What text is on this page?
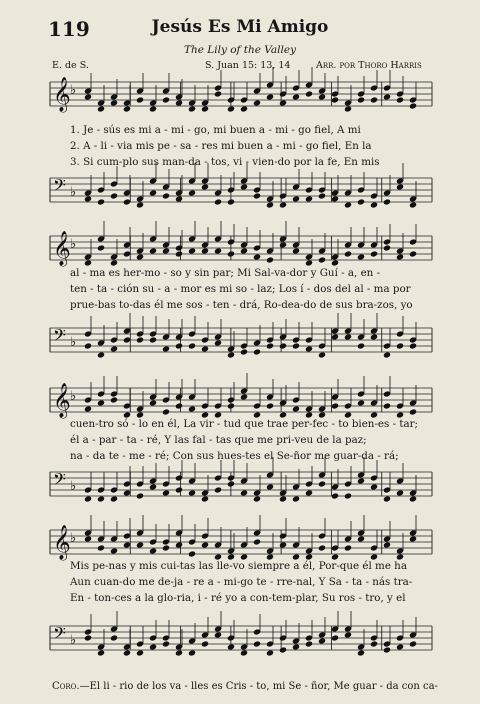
119	Jesús Es Mi Amigo
The Lily of the Valley
E. de S.	S. Juan 15: 13, 14	Arr. por Thoro Harris
𝄞 ♭
1. Je - sús es mi a - mi - go, mi buen a - mi - go fiel, A mi
2. A - li - via mis pe - sa - res mi buen a - mi - go fiel, En la
3. Si cum-plo sus man-da - tos, vi - vien-do por la fe, En mis
𝄢 ♭
𝄞 ♭
al - ma es her-mo - so y sin par; Mi Sal-va-dor y Guí - a, en -
ten - ta - ción su - a - mor es mi so - laz; Los í - dos del al - ma por
prue-bas to-das él me sos - ten - drá, Ro-dea-do de sus bra-zos, yo
𝄢 ♭
𝄞 ♭
cuen-tro só - lo en él, La vir - tud que trae per-fec - to bien-es - tar;
él a - par - ta - ré, Y las fal - tas que me pri-veu de la paz;
na - da te - me - ré; Con sus hues-tes el Se-ñor me guar-da - rá;
𝄢 ♭
𝄞 ♭
Mis pe-nas y mis cui-tas las lle-vo siempre a él, Por-que él me ha
Aun cuan-do me de-ja - re a - mi-go te - rre-nal, Y Sa - ta - nás tra-
En - ton-ces a la glo-ria, i - ré yo a con-tem-plar, Su ros - tro, y el
𝄢 ♭
Coro.—El li - rio de los va - lles es Cris - to, mi Se - ñor, Me guar - da con ca-
